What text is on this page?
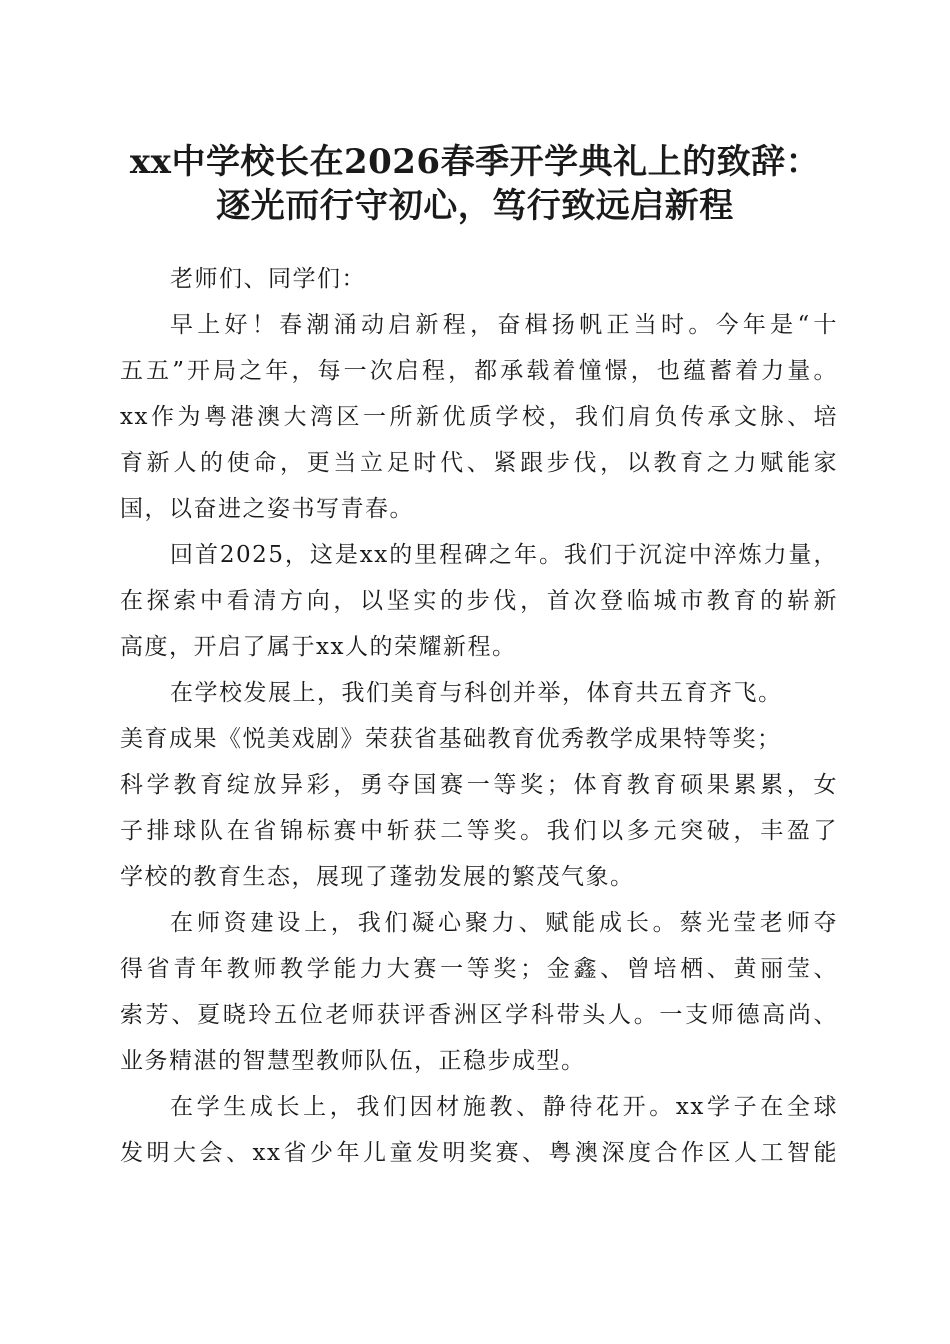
xx中学校长在2026春季开学典礼上的致辞：
逐光而行守初心，笃行致远启新程
老师们、同学们：
早上好！春潮涌动启新程，奋楫扬帆正当时。今年是“十
五五”开局之年，每一次启程，都承载着憧憬，也蕴蓄着力量。
xx作为粤港澳大湾区一所新优质学校，我们肩负传承文脉、培
育新人的使命，更当立足时代、紧跟步伐，以教育之力赋能家
国，以奋进之姿书写青春。
回首2025，这是xx的里程碑之年。我们于沉淀中淬炼力量，
在探索中看清方向，以坚实的步伐，首次登临城市教育的崭新
高度，开启了属于xx人的荣耀新程。
在学校发展上，我们美育与科创并举，体育共五育齐飞。
美育成果《悦美戏剧》荣获省基础教育优秀教学成果特等奖；
科学教育绽放异彩，勇夺国赛一等奖；体育教育硕果累累，女
子排球队在省锦标赛中斩获二等奖。我们以多元突破，丰盈了
学校的教育生态，展现了蓬勃发展的繁茂气象。
在师资建设上，我们凝心聚力、赋能成长。蔡光莹老师夺
得省青年教师教学能力大赛一等奖；金鑫、曾培栖、黄丽莹、
索芳、夏晓玲五位老师获评香洲区学科带头人。一支师德高尚、
业务精湛的智慧型教师队伍，正稳步成型。
在学生成长上，我们因材施教、静待花开。xx学子在全球
发明大会、xx省少年儿童发明奖赛、粤澳深度合作区人工智能
